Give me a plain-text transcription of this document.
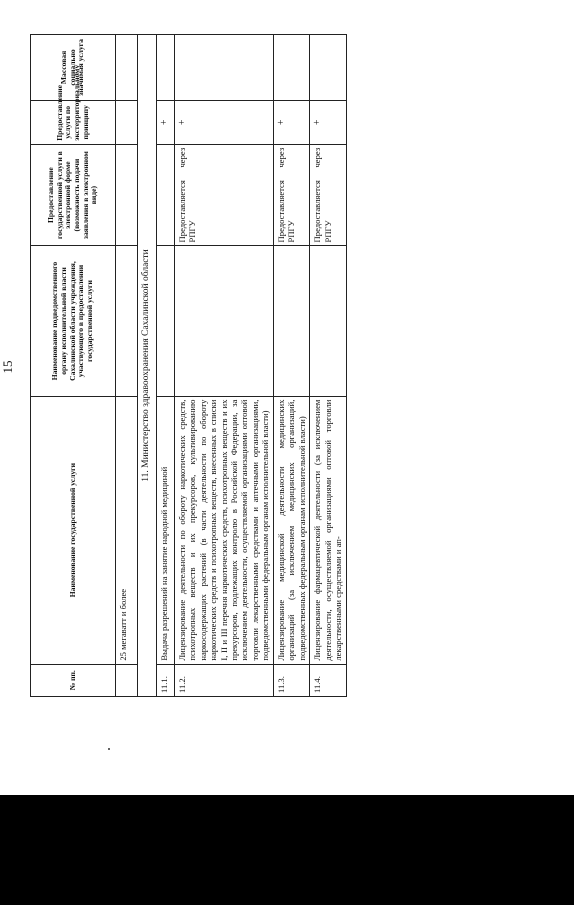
15
№ пп.	Наименование государственной услуги	Наименование подведомственного органу исполнительной власти Сахалинской области учреждения, участвующего в предоставлении государственной услуги	Предоставление государственной услуги в электронной форме (возможность подачи заявления в электронном виде)	Предоставление услуги по экстерриториальному принципу	Массовая социально значимая услуга
	25 мегаватт и более				
11. Министерство здравоохранения Сахалинской области					
11.1.	Выдача разрешений на занятие народной медициной			+	
11.2.	Лицензирование деятельности по обороту наркотических средств, психотропных веществ и их прекурсоров, культивированию наркосодержащих растений (в части деятельности по обороту наркотических средств и психотропных веществ, внесенных в списки I, II и III перечня наркотических средств, психотропных веществ и их прекурсоров, подлежащих контролю в Российской Федерации, за исключением деятельности, осуществляемой организациями оптовой торговли лекарственными средствами и аптечными организациями, подведомственными федеральным органам исполнительной власти)		Предоставляется через РПГУ	+	
11.3.	Лицензирование медицинской деятельности медицинских организаций (за исключением медицинских организаций, подведомственных федеральным органам исполнительной власти)		Предоставляется через РПГУ	+	
11.4.	Лицензирование фармацевтической деятельности (за исключением деятельности, осуществляемой организациями оптовой торговли лекарственными средствами и ап-		Предоставляется через РПГУ	+	
